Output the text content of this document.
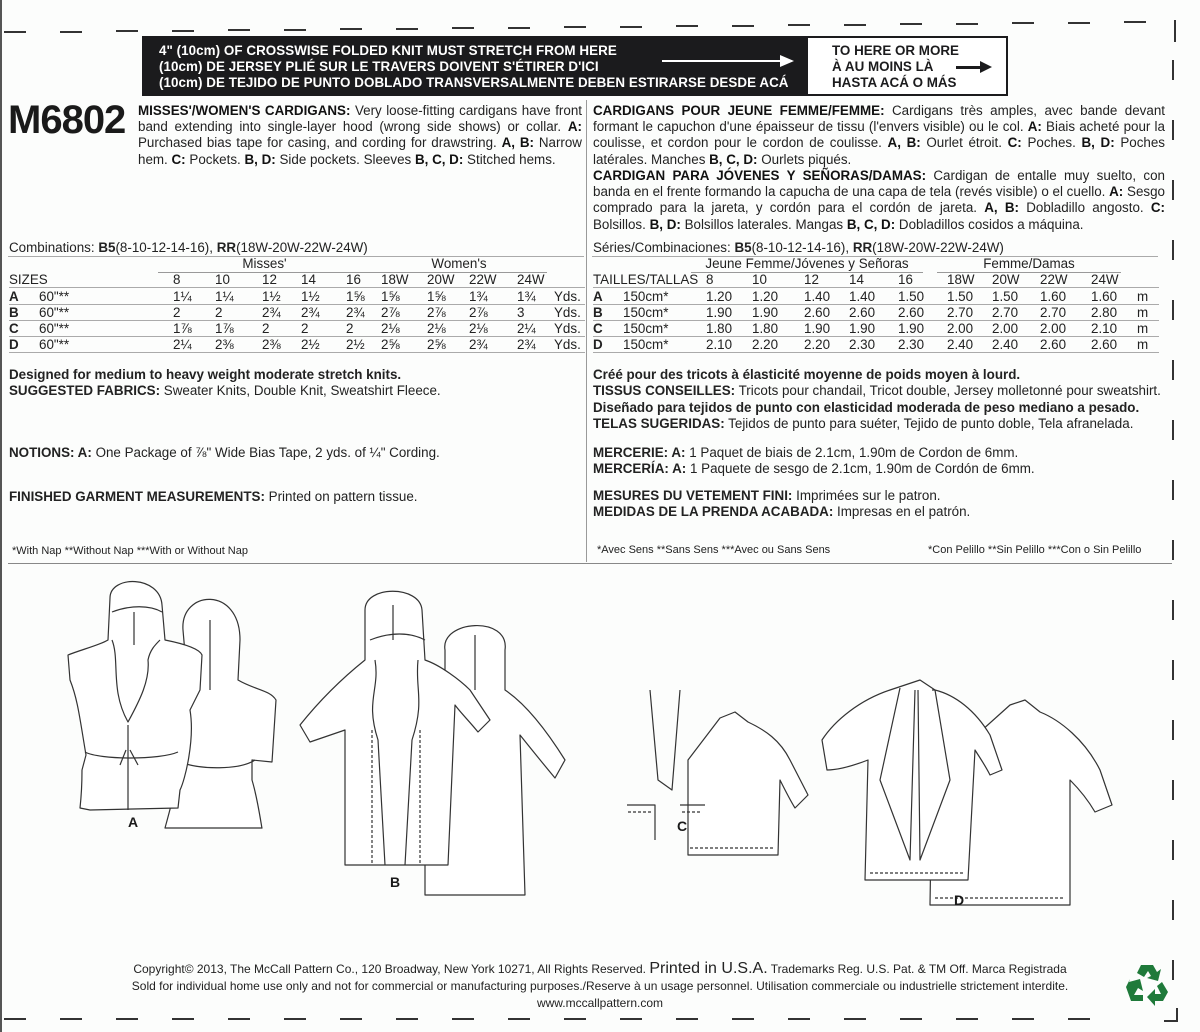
4" (10cm) OF CROSSWISE FOLDED KNIT MUST STRETCH FROM HERE
(10cm) DE JERSEY PLIÉ SUR LE TRAVERS DOIVENT S'ÉTIRER D'ICI
(10cm) DE TEJIDO DE PUNTO DOBLADO TRANSVERSALMENTE DEBEN ESTIRARSE DESDE ACÁ
TO HERE OR MORE
À AU MOINS LÀ
HASTA ACÁ O MÁS
M6802 MISSES'/WOMEN'S CARDIGANS: Very loose-fitting cardigans have front band extending into single-layer hood (wrong side shows) or collar. A: Purchased bias tape for casing, and cording for drawstring. A, B: Narrow hem. C: Pockets. B, D: Side pockets. Sleeves B, C, D: Stitched hems.
CARDIGANS POUR JEUNE FEMME/FEMME: Cardigans très amples, avec bande devant formant le capuchon d'une épaisseur de tissu (l'envers visible) ou le col. A: Biais acheté pour la coulisse, et cordon pour le cordon de coulisse. A, B: Ourlet étroit. C: Poches. B, D: Poches latérales. Manches B, C, D: Ourlets piqués.
CARDIGAN PARA JÓVENES Y SEÑORAS/DAMAS: Cardigan de entalle muy suelto, con banda en el frente formando la capucha de una capa de tela (revés visible) o el cuello. A: Sesgo comprado para la jareta, y cordón para el cordón de jareta. A, B: Dobladillo angosto. C: Bolsillos. B, D: Bolsillos laterales. Mangas B, C, D: Dobladillos cosidos a máquina.
Combinations: B5(8-10-12-14-16), RR(18W-20W-22W-24W)
Misses'	Women's
SIZES	8	10 12 14 16 18W 20W 22W 24W
A 60"**	1¼ 1¼ 1½ 1½ 1⅝ 1⅝ 1⅝ 1¾ 1¾ Yds.
B 60"**	2	2	2¾ 2¾ 2¾ 2⅞ 2⅞ 2⅞ 3 Yds.
C 60"**	1⅞ 1⅞ 2 2	2 2⅛ 2⅛ 2⅛ 2¼ Yds.
D 60"**	2¼ 2⅜ 2⅜ 2½ 2½ 2⅝ 2⅝ 2¾ 2¾ Yds.
Séries/Combinaciones: B5(8-10-12-14-16), RR(18W-20W-22W-24W)
Jeune Femme/Jóvenes y Señoras	Femme/Damas
TAILLES/TALLAS 8	10	12 14	16	18W 20W 22W 24W
A 150cm*	1.20 1.20 1.40 1.40 1.50 1.50 1.50 1.60 1.60 m
B 150cm*	1.90 1.90 2.60 2.60 2.60 2.70 2.70 2.70 2.80 m
C 150cm*	1.80 1.80 1.90 1.90 1.90 2.00 2.00 2.00 2.10 m
D 150cm*	2.10 2.20 2.20 2.30 2.30 2.40 2.40 2.60 2.60 m
Designed for medium to heavy weight moderate stretch knits.
SUGGESTED FABRICS: Sweater Knits, Double Knit, Sweatshirt Fleece.
NOTIONS: A: One Package of ⅞" Wide Bias Tape, 2 yds. of ¼" Cording.
FINISHED GARMENT MEASUREMENTS: Printed on pattern tissue.
*With Nap **Without Nap ***With or Without Nap
Créé pour des tricots à élasticité moyenne de poids moyen à lourd.
TISSUS CONSEILLES: Tricots pour chandail, Tricot double, Jersey molletonné pour sweatshirt.
Diseñado para tejidos de punto con elasticidad moderada de peso mediano a pesado.
TELAS SUGERIDAS: Tejidos de punto para suéter, Tejido de punto doble, Tela afranelada.
MERCERIE: A: 1 Paquet de biais de 2.1cm, 1.90m de Cordon de 6mm.
MERCERÍA: A: 1 Paquete de sesgo de 2.1cm, 1.90m de Cordón de 6mm.
MESURES DU VETEMENT FINI: Imprimées sur le patron.
MEDIDAS DE LA PRENDA ACABADA: Impresas en el patrón.
*Avec Sens **Sans Sens ***Avec ou Sans Sens	*Con Pelillo **Sin Pelillo ***Con o Sin Pelillo
A
B
C
D
Copyright© 2013, The McCall Pattern Co., 120 Broadway, New York 10271, All Rights Reserved. Printed in U.S.A. Trademarks Reg. U.S. Pat. & TM Off. Marca Registrada
Sold for individual home use only and not for commercial or manufacturing purposes./Reserve à un usage personnel. Utilisation commerciale ou industrielle strictement interdite.
www.mccallpattern.com
